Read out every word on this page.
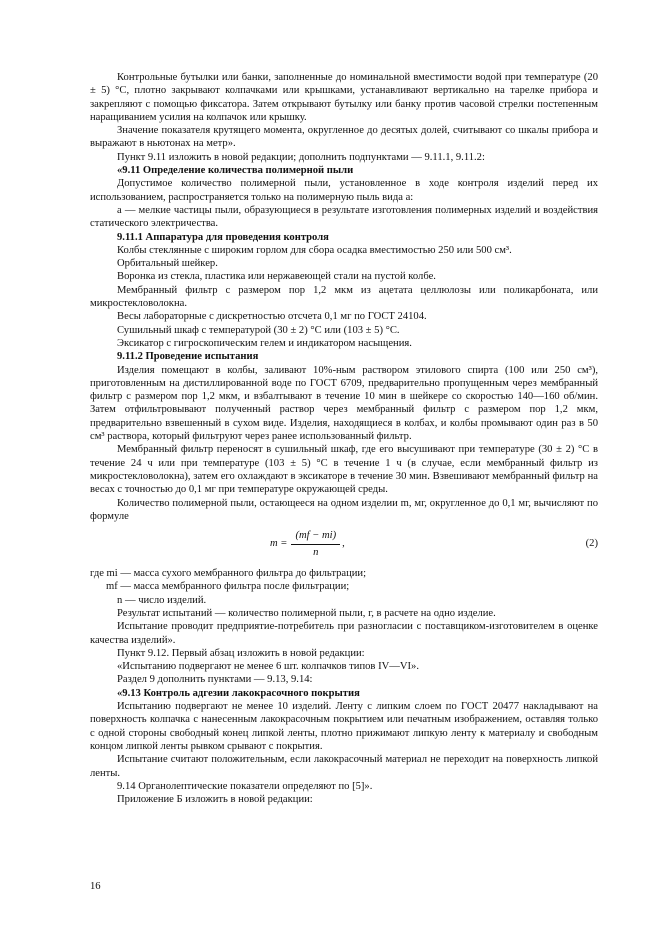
Контрольные бутылки или банки, заполненные до номинальной вместимости водой при температуре (20 ± 5) °С, плотно закрывают колпачками или крышками, устанавливают вертикально на тарелке прибора и закрепляют с помощью фиксатора. Затем открывают бутылку или банку против часовой стрелки постепенным наращиванием усилия на колпачок или крышку.

Значение показателя крутящего момента, округленное до десятых долей, считывают со шкалы прибора и выражают в ньютонах на метр».

Пункт 9.11 изложить в новой редакции; дополнить подпунктами — 9.11.1, 9.11.2:

«9.11 Определение количества полимерной пыли

Допустимое количество полимерной пыли, установленное в ходе контроля изделий перед их использованием, распространяется только на полимерную пыль вида а:

а — мелкие частицы пыли, образующиеся в результате изготовления полимерных изделий и воздействия статического электричества.

9.11.1 Аппаратура для проведения контроля

Колбы стеклянные с широким горлом для сбора осадка вместимостью 250 или 500 см³.

Орбитальный шейкер.

Воронка из стекла, пластика или нержавеющей стали на пустой колбе.

Мембранный фильтр с размером пор 1,2 мкм из ацетата целлюлозы или поликарбоната, или микростекловолокна.

Весы лабораторные с дискретностью отсчета 0,1 мг по ГОСТ 24104.

Сушильный шкаф с температурой (30 ± 2) °С или (103 ± 5) °С.

Эксикатор с гигроскопическим гелем и индикатором насыщения.

9.11.2 Проведение испытания

Изделия помещают в колбы, заливают 10%-ным раствором этилового спирта (100 или 250 см³), приготовленным на дистиллированной воде по ГОСТ 6709, предварительно пропущенным через мембранный фильтр с размером пор 1,2 мкм, и взбалтывают в течение 10 мин в шейкере со скоростью 140—160 об/мин. Затем отфильтровывают полученный раствор через мембранный фильтр с размером пор 1,2 мкм, предварительно взвешенный в сухом виде. Изделия, находящиеся в колбах, и колбы промывают один раз в 50 см³ раствора, который фильтруют через ранее использованный фильтр.

Мембранный фильтр переносят в сушильный шкаф, где его высушивают при температуре (30 ± 2) °С в течение 24 ч или при температуре (103 ± 5) °С в течение 1 ч (в случае, если мембранный фильтр из микростекловолокна), затем его охлаждают в эксикаторе в течение 30 мин. Взвешивают мембранный фильтр на весах с точностью до 0,1 мг при температуре окружающей среды.

Количество полимерной пыли, остающееся на одном изделии m, мг, округленное до 0,1 мг, вычисляют по формуле

$m = \frac{(mf - mi)}{n}$ ,	(2)

где mi — масса сухого мембранного фильтра до фильтрации;

mf — масса мембранного фильтра после фильтрации;

n — число изделий.

Результат испытаний — количество полимерной пыли, г, в расчете на одно изделие.

Испытание проводит предприятие-потребитель при разногласии с поставщиком-изготовителем в оценке качества изделий».

Пункт 9.12. Первый абзац изложить в новой редакции:

«Испытанию подвергают не менее 6 шт. колпачков типов IV—VI».

Раздел 9 дополнить пунктами — 9.13, 9.14:

«9.13 Контроль адгезии лакокрасочного покрытия

Испытанию подвергают не менее 10 изделий. Ленту с липким слоем по ГОСТ 20477 накладывают на поверхность колпачка с нанесенным лакокрасочным покрытием или печатным изображением, оставляя только с одной стороны свободный конец липкой ленты, плотно прижимают липкую ленту к материалу и свободным концом липкой ленты рывком срывают с покрытия.

Испытание считают положительным, если лакокрасочный материал не переходит на поверхность липкой ленты.

9.14 Органолептические показатели определяют по [5]».

Приложение Б изложить в новой редакции:

16
